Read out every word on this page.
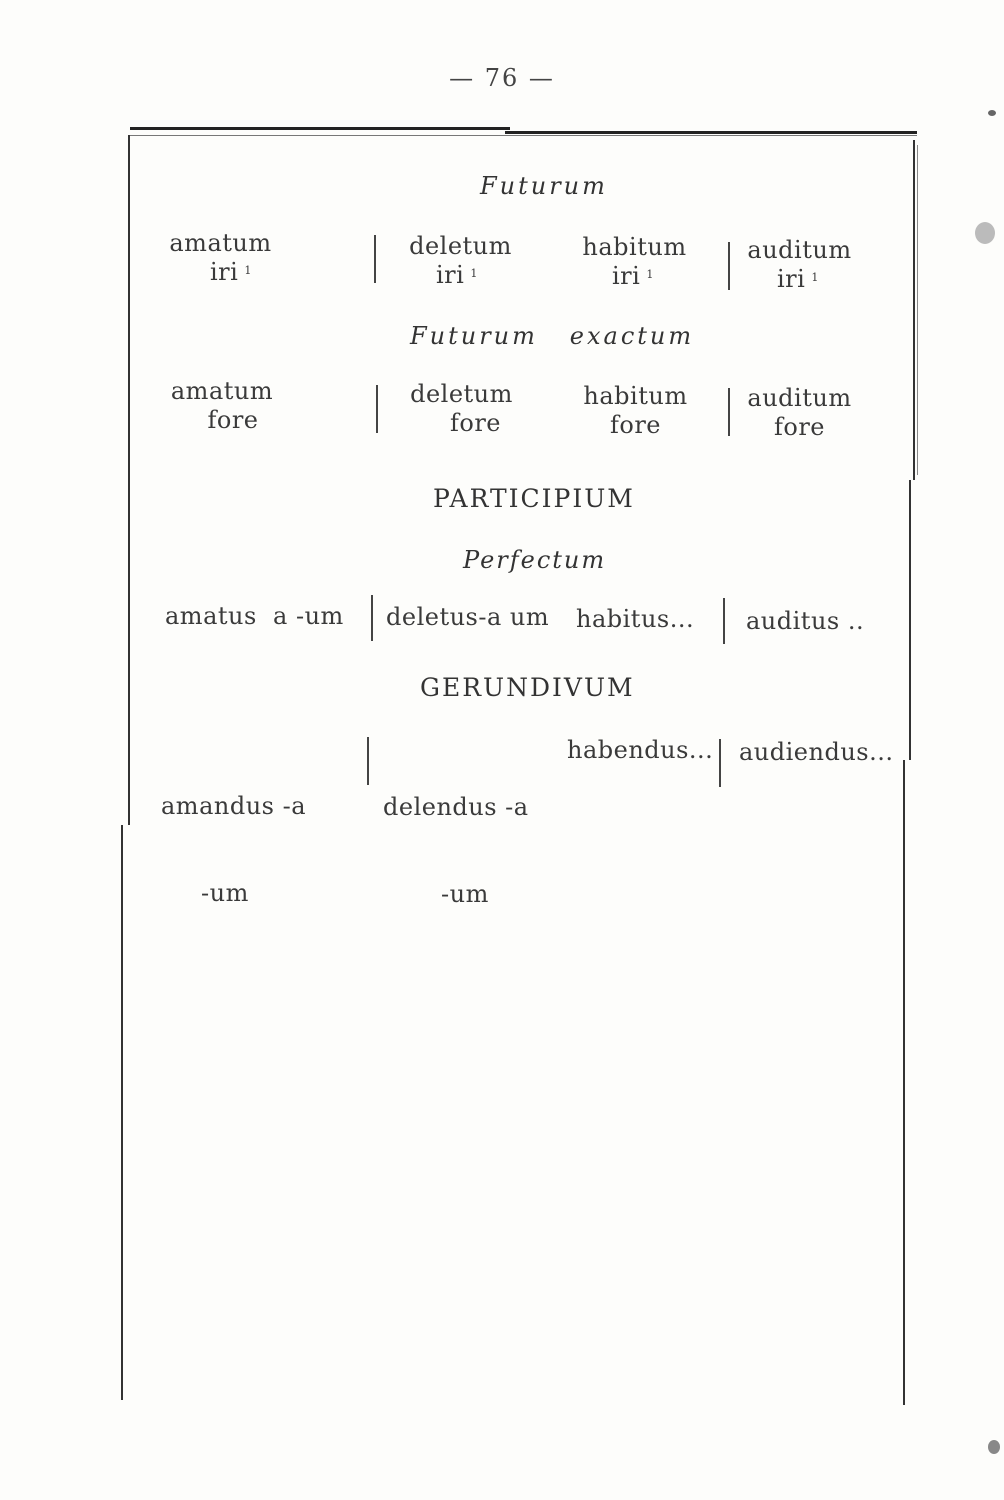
— 76 —
Futurum
amatum
iri $^1$
deletum
iri $^1$
habitum
iri $^1$
auditum
iri $^1$
Futurum   exactum
amatum
fore
deletum
fore
habitum
fore
auditum
fore
PARTICIPIUM
Perfectum
amatus  a -um deletus-a um habitus... auditus ..
GERUNDIVUM

amandus -a

-um

delendus -a

-um

habendus... audiendus...
